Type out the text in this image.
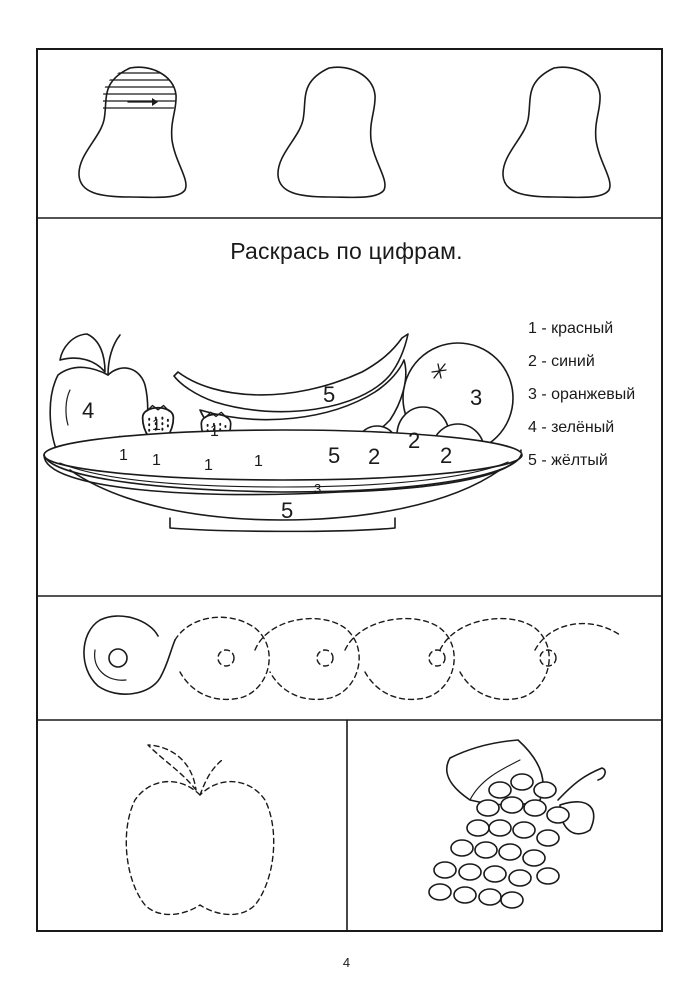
4
5
5
3
2
2
2
3
5
1	1
1 1	1	1
Раскрась по цифрам.
1 - красный
2 - синий
3 - оранжевый
4 - зелёный
5 - жёлтый
4
